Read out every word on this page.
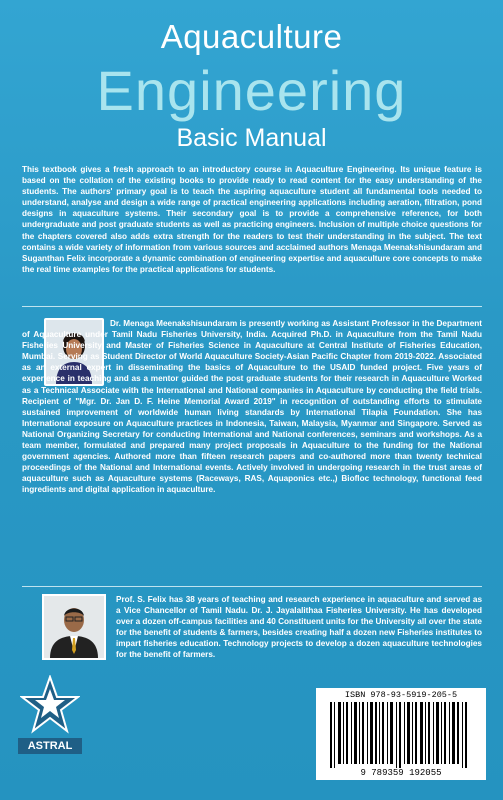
Aquaculture
Engineering
Basic Manual
This textbook gives a fresh approach to an introductory course in Aquaculture Engineering. Its unique feature is based on the collation of the existing books to provide ready to read content for the easy understanding of the students. The authors' primary goal is to teach the aspiring aquaculture student all fundamental tools needed to understand, analyse and design a wide range of practical engineering applications including aeration, filtration, pond designs in aquaculture systems. Their secondary goal is to provide a comprehensive reference, for both undergraduate and post graduate students as well as practicing engineers. Inclusion of multiple choice questions for the chapters covered also adds extra strength for the readers to test their understanding in the subject. The text contains a wide variety of information from various sources and acclaimed authors Menaga Meenakshisundaram and Suganthan Felix incorporate a dynamic combination of engineering expertise and aquaculture core concepts to make the real time examples for the practical applications for students.
Dr. Menaga Meenakshisundaram is presently working as Assistant Professor in the Department of Aquaculture under Tamil Nadu Fisheries University, India. Acquired Ph.D. in Aquaculture from the Tamil Nadu Fisheries University and Master of Fisheries Science in Aquaculture at Central Institute of Fisheries Education, Mumbai. Serving as Student Director of World Aquaculture Society-Asian Pacific Chapter from 2019-2022. Associated as an external expert in disseminating the basics of Aquaculture to the USAID funded project. Five years of experience in teaching and as a mentor guided the post graduate students for their research in Aquaculture Worked as a Technical Associate with the International and National companies in Aquaculture by conducting the field trials. Recipient of "Mgr. Dr. Jan D. F. Heine Memorial Award 2019" in recognition of outstanding efforts to stimulate sustained improvement of worldwide human living standards by International Tilapia Foundation. She has International exposure on Aquaculture practices in Indonesia, Taiwan, Malaysia, Myanmar and Singapore. Served as National Organizing Secretary for conducting International and National conferences, seminars and workshops. As a team member, formulated and prepared many project proposals in Aquaculture to the funding for the National government agencies. Authored more than fifteen research papers and co-authored more than twenty technical proceedings of the National and International events. Actively involved in undergoing research in the trust areas of aquaculture such as Aquaculture systems (Raceways, RAS, Aquaponics etc.,) Biofloc technology, functional feed ingredients and digital application in aquaculture.
Prof. S. Felix has 38 years of teaching and research experience in aquaculture and served as a Vice Chancellor of Tamil Nadu. Dr. J. Jayalalithaa Fisheries University. He has developed over a dozen off-campus facilities and 40 Constituent units for the University all over the state for the benefit of students & farmers, besides creating half a dozen new Fisheries institutes to impart fisheries education. Technology projects to develop a dozen aquaculture technologies for the benefit of farmers.
ASTRAL
ISBN 978-93-5919-205-5
9 789359 192055
